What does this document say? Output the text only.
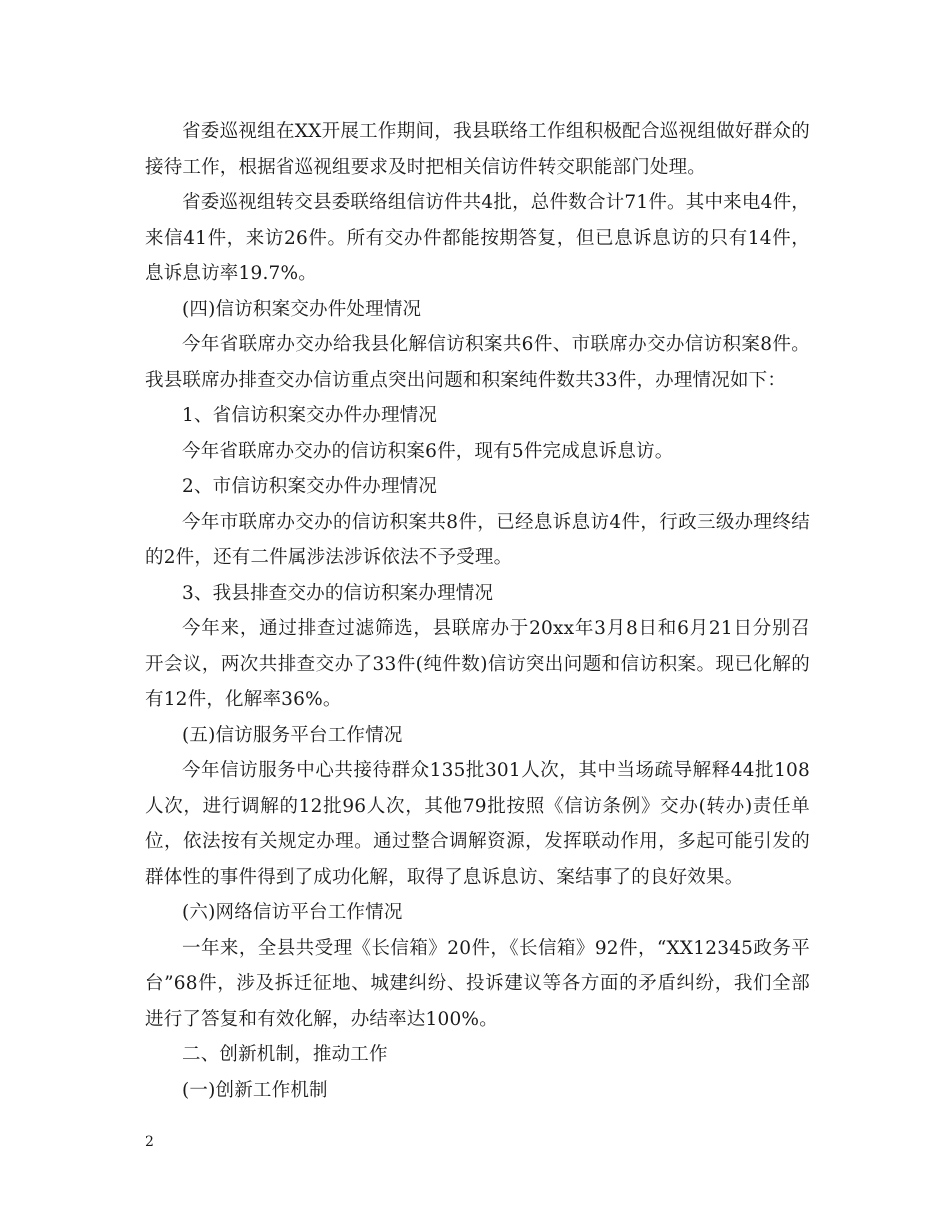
省委巡视组在XX开展工作期间，我县联络工作组积极配合巡视组做好群众的接待工作，根据省巡视组要求及时把相关信访件转交职能部门处理。

省委巡视组转交县委联络组信访件共4批，总件数合计71件。其中来电4件，来信41件，来访26件。所有交办件都能按期答复，但已息诉息访的只有14件，息诉息访率19.7%。

(四)信访积案交办件处理情况

今年省联席办交办给我县化解信访积案共6件、市联席办交办信访积案8件。我县联席办排查交办信访重点突出问题和积案纯件数共33件，办理情况如下：

1、省信访积案交办件办理情况

今年省联席办交办的信访积案6件，现有5件完成息诉息访。

2、市信访积案交办件办理情况

今年市联席办交办的信访积案共8件，已经息诉息访4件，行政三级办理终结的2件，还有二件属涉法涉诉依法不予受理。

3、我县排查交办的信访积案办理情况

今年来，通过排查过滤筛选，县联席办于20xx年3月8日和6月21日分别召开会议，两次共排查交办了33件(纯件数)信访突出问题和信访积案。现已化解的有12件，化解率36%。

(五)信访服务平台工作情况

今年信访服务中心共接待群众135批301人次，其中当场疏导解释44批108人次，进行调解的12批96人次，其他79批按照《信访条例》交办(转办)责任单位，依法按有关规定办理。通过整合调解资源，发挥联动作用，多起可能引发的群体性的事件得到了成功化解，取得了息诉息访、案结事了的良好效果。

(六)网络信访平台工作情况

一年来，全县共受理《长信箱》20件，《长信箱》92件，“XX12345政务平台”68件，涉及拆迁征地、城建纠纷、投诉建议等各方面的矛盾纠纷，我们全部进行了答复和有效化解，办结率达100%。

二、创新机制，推动工作

(一)创新工作机制

2
